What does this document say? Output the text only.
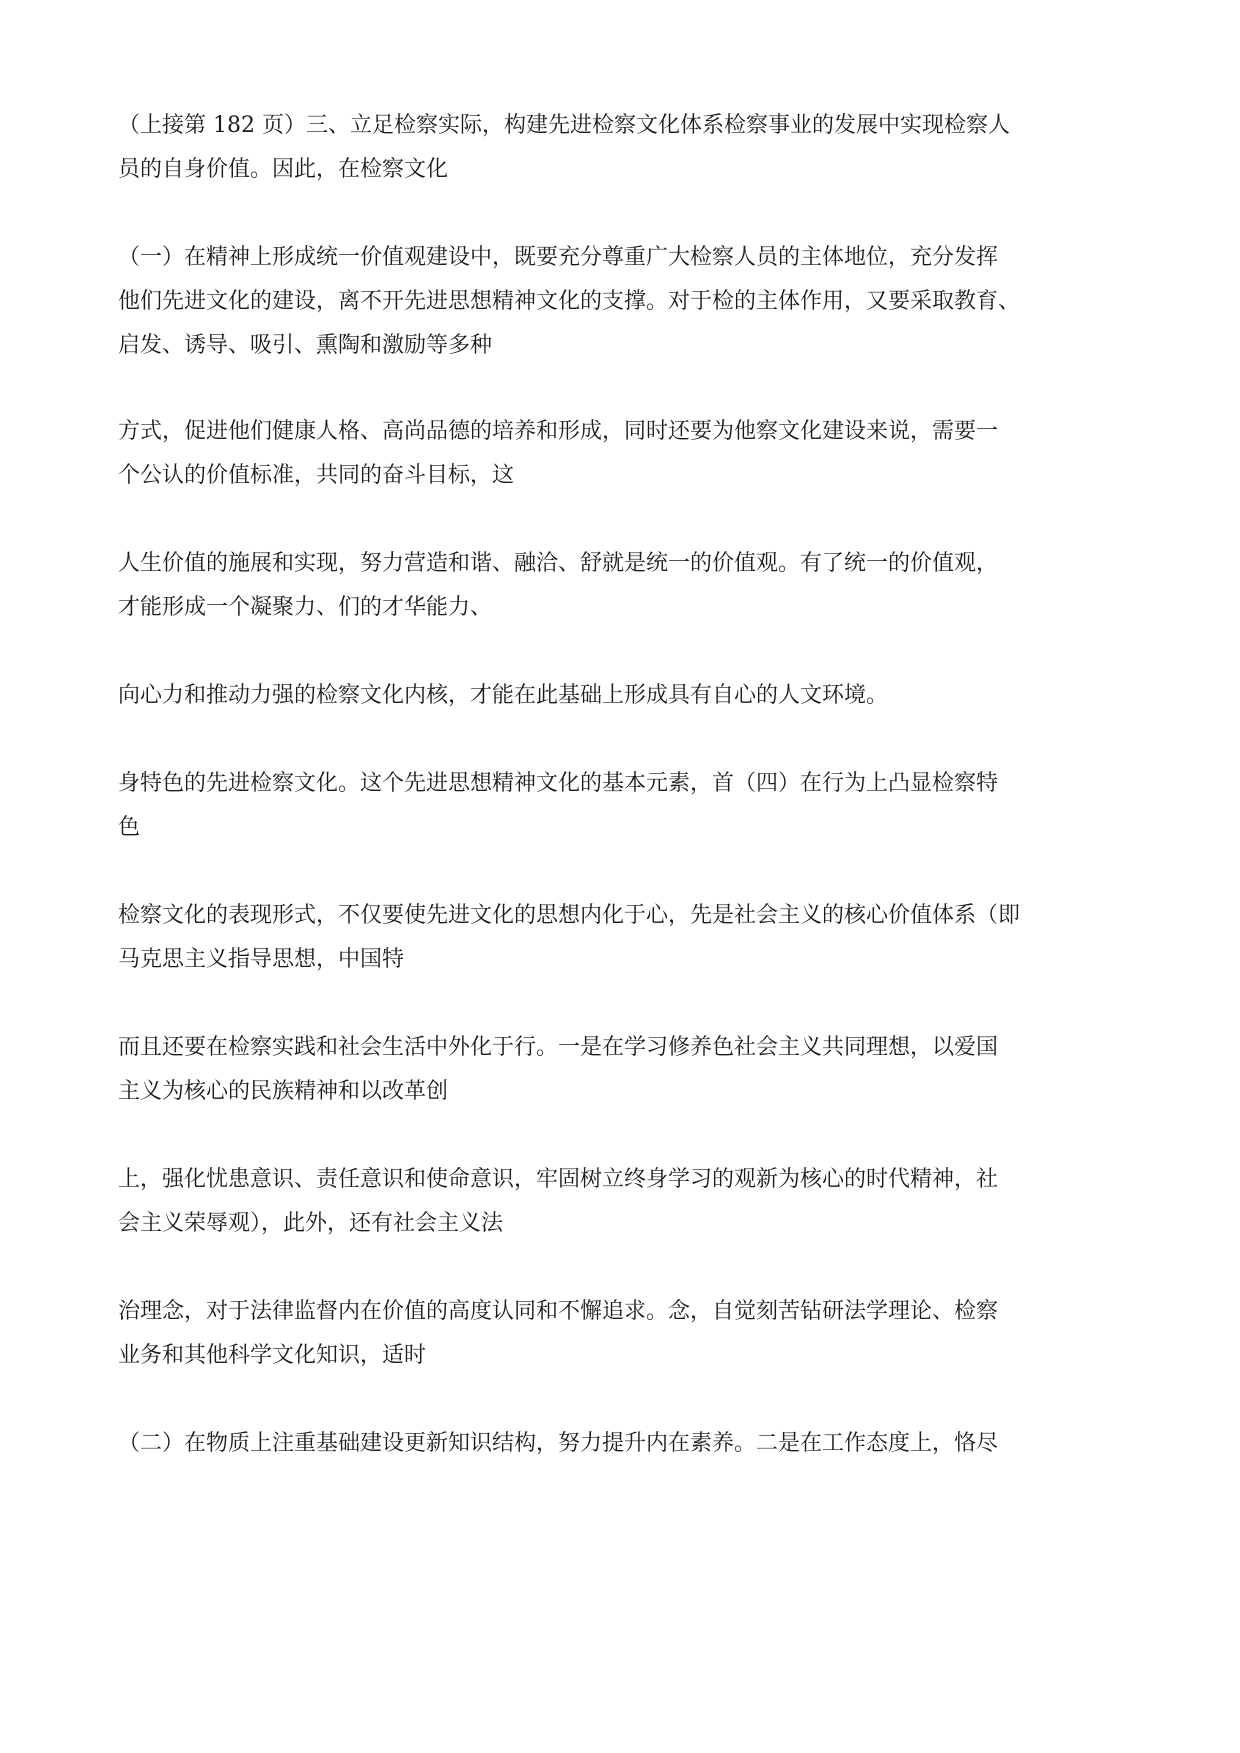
（上接第 182 页）三、立足检察实际，构建先进检察文化体系检察事业的发展中实现检察人
员的自身价值。因此，在检察文化
（一）在精神上形成统一价值观建设中，既要充分尊重广大检察人员的主体地位，充分发挥
他们先进文化的建设，离不开先进思想精神文化的支撑。对于检的主体作用，又要采取教育、
启发、诱导、吸引、熏陶和激励等多种
方式，促进他们健康人格、高尚品德的培养和形成，同时还要为他察文化建设来说，需要一
个公认的价值标准，共同的奋斗目标，这
人生价值的施展和实现，努力营造和谐、融洽、舒就是统一的价值观。有了统一的价值观，
才能形成一个凝聚力、们的才华能力、
向心力和推动力强的检察文化内核，才能在此基础上形成具有自心的人文环境。
身特色的先进检察文化。这个先进思想精神文化的基本元素，首（四）在行为上凸显检察特
色
检察文化的表现形式，不仅要使先进文化的思想内化于心，先是社会主义的核心价值体系（即
马克思主义指导思想，中国特
而且还要在检察实践和社会生活中外化于行。一是在学习修养色社会主义共同理想，以爱国
主义为核心的民族精神和以改革创
上，强化忧患意识、责任意识和使命意识，牢固树立终身学习的观新为核心的时代精神，社
会主义荣辱观），此外，还有社会主义法
治理念，对于法律监督内在价值的高度认同和不懈追求。念，自觉刻苦钻研法学理论、检察
业务和其他科学文化知识，适时
（二）在物质上注重基础建设更新知识结构，努力提升内在素养。二是在工作态度上，恪尽
